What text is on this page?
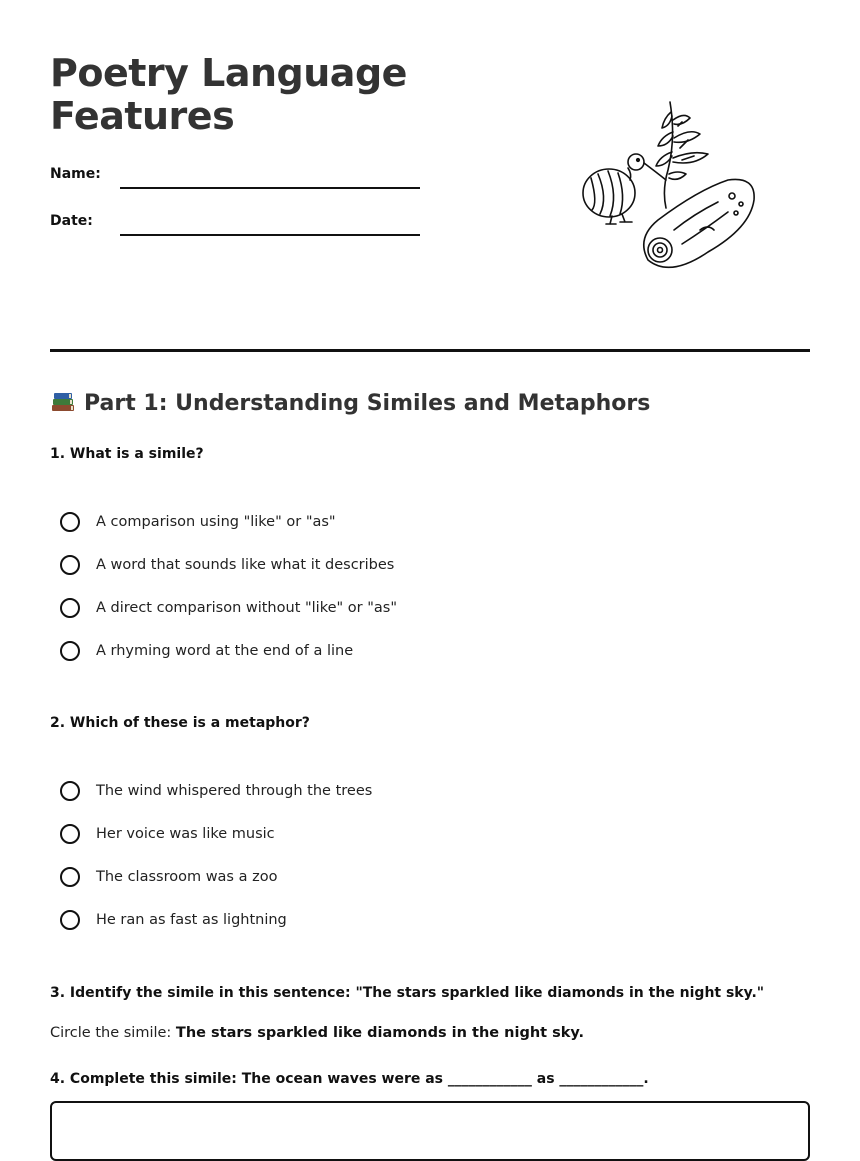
Poetry Language
Features
Name:
Date:
Part 1: Understanding Similes and Metaphors

1. What is a simile?

A comparison using "like" or "as"
A word that sounds like what it describes
A direct comparison without "like" or "as"
A rhyming word at the end of a line

2. Which of these is a metaphor?

The wind whispered through the trees
Her voice was like music
The classroom was a zoo
He ran as fast as lightning

3. Identify the simile in this sentence: "The stars sparkled like diamonds in the night sky."

Circle the simile: The stars sparkled like diamonds in the night sky.

4. Complete this simile: The ocean waves were as ____________ as ____________.
